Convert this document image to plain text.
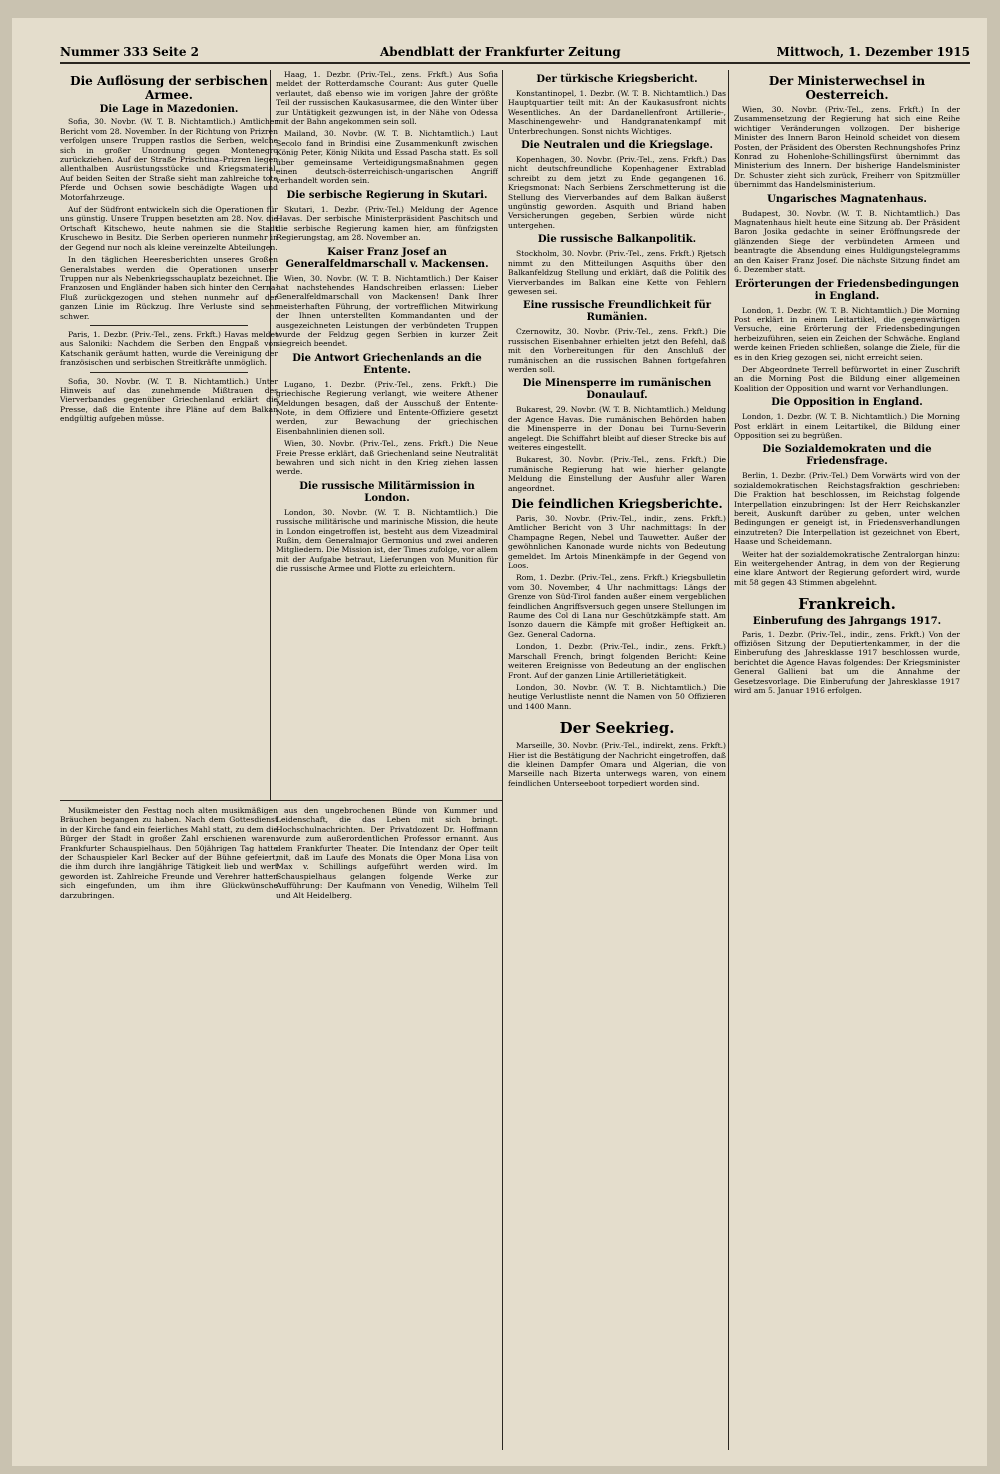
Nummer 333 Seite 2	Abendblatt der Frankfurter Zeitung	Mittwoch, 1. Dezember 1915
Die Auflösung der serbischen Armee.
Die Lage in Mazedonien.

Sofia, 30. Novbr. (W. T. B. Nichtamtlich.) Amtlicher Bericht vom 28. November. In der Richtung von Prizren verfolgen unsere Truppen rastlos die Serben, welche sich in großer Unordnung gegen Montenegro zurückziehen. Auf der Straße Prischtina–Prizren liegen allenthalben Ausrüstungsstücke und Kriegsmaterial. Auf beiden Seiten der Straße sieht man zahlreiche tote Pferde und Ochsen sowie beschädigte Wagen und Motorfahrzeuge.

Auf der Südfront entwickeln sich die Operationen für uns günstig. Unsere Truppen besetzten am 28. Nov. die Ortschaft Kitschewo, heute nahmen sie die Stadt Kruschewo in Besitz. Die Serben operieren nunmehr in der Gegend nur noch als kleine vereinzelte Abteilungen.

In den täglichen Heeresberichten unseres Großen Generalstabes werden die Operationen unserer Truppen nur als Nebenkriegsschauplatz bezeichnet. Die Franzosen und Engländer haben sich hinter den Cerna-Fluß zurückgezogen und stehen nunmehr auf der ganzen Linie im Rückzug. Ihre Verluste sind sehr schwer.

Paris, 1. Dezbr. (Priv.-Tel., zens. Frkft.) Havas meldet aus Saloniki: Nachdem die Serben den Engpaß von Katschanik geräumt hatten, wurde die Vereinigung der französischen und serbischen Streitkräfte unmöglich.

Sofia, 30. Novbr. (W. T. B. Nichtamtlich.) Unter Hinweis auf das zunehmende Mißtrauen des Vierverbandes gegenüber Griechenland erklärt die Presse, daß die Entente ihre Pläne auf dem Balkan endgültig aufgeben müsse.

Haag, 1. Dezbr. (Priv.-Tel., zens. Frkft.) Aus Sofia meldet der Rotterdamsche Courant: Aus guter Quelle verlautet, daß ebenso wie im vorigen Jahre der größte Teil der russischen Kaukasusarmee, die den Winter über zur Untätigkeit gezwungen ist, in der Nähe von Odessa mit der Bahn angekommen sein soll.

Mailand, 30. Novbr. (W. T. B. Nichtamtlich.) Laut Secolo fand in Brindisi eine Zusammenkunft zwischen König Peter, König Nikita und Essad Pascha statt. Es soll über gemeinsame Verteidigungsmaßnahmen gegen einen deutsch-österreichisch-ungarischen Angriff verhandelt worden sein.

Die serbische Regierung in Skutari.

Skutari, 1. Dezbr. (Priv.-Tel.) Meldung der Agence Havas. Der serbische Ministerpräsident Paschitsch und die serbische Regierung kamen hier, am fünfzigsten Regierungstag, am 28. November an.

Kaiser Franz Josef an Generalfeldmarschall v. Mackensen.

Wien, 30. Novbr. (W. T. B. Nichtamtlich.) Der Kaiser hat nachstehendes Handschreiben erlassen: Lieber Generalfeldmarschall von Mackensen! Dank Ihrer meisterhaften Führung, der vortrefflichen Mitwirkung der Ihnen unterstellten Kommandanten und der ausgezeichneten Leistungen der verbündeten Truppen wurde der Feldzug gegen Serbien in kurzer Zeit siegreich beendet.

Die Antwort Griechenlands an die Entente.

Lugano, 1. Dezbr. (Priv.-Tel., zens. Frkft.) Die griechische Regierung verlangt, wie weitere Athener Meldungen besagen, daß der Ausschuß der Entente-Note, in dem Offiziere und Entente-Offiziere gesetzt werden, zur Bewachung der griechischen Eisenbahnlinien dienen soll.

Wien, 30. Novbr. (Priv.-Tel., zens. Frkft.) Die Neue Freie Presse erklärt, daß Griechenland seine Neutralität bewahren und sich nicht in den Krieg ziehen lassen werde.

Die russische Militärmission in London.

London, 30. Novbr. (W. T. B. Nichtamtlich.) Die russische militärische und marinische Mission, die heute in London eingetroffen ist, besteht aus dem Vizeadmiral Rußin, dem Generalmajor Germonius und zwei anderen Mitgliedern. Die Mission ist, der Times zufolge, vor allem mit der Aufgabe betraut, Lieferungen von Munition für die russische Armee und Flotte zu erleichtern.

Der türkische Kriegsbericht.

Konstantinopel, 1. Dezbr. (W. T. B. Nichtamtlich.) Das Hauptquartier teilt mit: An der Kaukasusfront nichts Wesentliches. An der Dardanellenfront Artillerie-, Maschinengewehr- und Handgranatenkampf mit Unterbrechungen. Sonst nichts Wichtiges.

Die Neutralen und die Kriegslage.

Kopenhagen, 30. Novbr. (Priv.-Tel., zens. Frkft.) Das nicht deutschfreundliche Kopenhagener Extrablad schreibt zu dem jetzt zu Ende gegangenen 16. Kriegsmonat: Nach Serbiens Zerschmetterung ist die Stellung des Vierverbandes auf dem Balkan äußerst ungünstig geworden. Asquith und Briand haben Versicherungen gegeben, Serbien würde nicht untergehen.

Die russische Balkanpolitik.

Stockholm, 30. Novbr. (Priv.-Tel., zens. Frkft.) Rjetsch nimmt zu den Mitteilungen Asquiths über den Balkanfeldzug Stellung und erklärt, daß die Politik des Vierverbandes im Balkan eine Kette von Fehlern gewesen sei.

Eine russische Freundlichkeit für Rumänien.

Czernowitz, 30. Novbr. (Priv.-Tel., zens. Frkft.) Die russischen Eisenbahner erhielten jetzt den Befehl, daß mit den Vorbereitungen für den Anschluß der rumänischen an die russischen Bahnen fortgefahren werden soll.

Die Minensperre im rumänischen Donaulauf.

Bukarest, 29. Novbr. (W. T. B. Nichtamtlich.) Meldung der Agence Havas. Die rumänischen Behörden haben die Minensperre in der Donau bei Turnu-Severin angelegt. Die Schiffahrt bleibt auf dieser Strecke bis auf weiteres eingestellt.

Bukarest, 30. Novbr. (Priv.-Tel., zens. Frkft.) Die rumänische Regierung hat wie hierher gelangte Meldung die Einstellung der Ausfuhr aller Waren angeordnet.

Die feindlichen Kriegsberichte.

Paris, 30. Novbr. (Priv.-Tel., indir., zens. Frkft.) Amtlicher Bericht von 3 Uhr nachmittags: In der Champagne Regen, Nebel und Tauwetter. Außer der gewöhnlichen Kanonade wurde nichts von Bedeutung gemeldet. Im Artois Minenkämpfe in der Gegend von Loos.

Rom, 1. Dezbr. (Priv.-Tel., zens. Frkft.) Kriegsbulletin vom 30. November, 4 Uhr nachmittags: Längs der Grenze von Süd-Tirol fanden außer einem vergeblichen feindlichen Angriffsversuch gegen unsere Stellungen im Raume des Col di Lana nur Geschützkämpfe statt. Am Isonzo dauern die Kämpfe mit großer Heftigkeit an. Gez. General Cadorna.

London, 1. Dezbr. (Priv.-Tel., indir., zens. Frkft.) Marschall French, bringt folgenden Bericht: Keine weiteren Ereignisse von Bedeutung an der englischen Front. Auf der ganzen Linie Artillerietätigkeit.

London, 30. Novbr. (W. T. B. Nichtamtlich.) Die heutige Verlustliste nennt die Namen von 50 Offizieren und 1400 Mann.

Der Seekrieg.

Marseille, 30. Novbr. (Priv.-Tel., indirekt, zens. Frkft.) Hier ist die Bestätigung der Nachricht eingetroffen, daß die kleinen Dampfer Omara und Algerian, die von Marseille nach Bizerta unterwegs waren, von einem feindlichen Unterseeboot torpediert worden sind.

Der Ministerwechsel in Oesterreich.

Wien, 30. Novbr. (Priv.-Tel., zens. Frkft.) In der Zusammensetzung der Regierung hat sich eine Reihe wichtiger Veränderungen vollzogen. Der bisherige Minister des Innern Baron Heinold scheidet von diesem Posten, der Präsident des Obersten Rechnungshofes Prinz Konrad zu Hohenlohe-Schillingsfürst übernimmt das Ministerium des Innern. Der bisherige Handelsminister Dr. Schuster zieht sich zurück, Freiherr von Spitzmüller übernimmt das Handelsministerium.

Ungarisches Magnatenhaus.

Budapest, 30. Novbr. (W. T. B. Nichtamtlich.) Das Magnatenhaus hielt heute eine Sitzung ab. Der Präsident Baron Josika gedachte in seiner Eröffnungsrede der glänzenden Siege der verbündeten Armeen und beantragte die Absendung eines Huldigungstelegramms an den Kaiser Franz Josef. Die nächste Sitzung findet am 6. Dezember statt.

Erörterungen der Friedensbedingungen in England.

London, 1. Dezbr. (W. T. B. Nichtamtlich.) Die Morning Post erklärt in einem Leitartikel, die gegenwärtigen Versuche, eine Erörterung der Friedensbedingungen herbeizuführen, seien ein Zeichen der Schwäche. England werde keinen Frieden schließen, solange die Ziele, für die es in den Krieg gezogen sei, nicht erreicht seien.

Der Abgeordnete Terrell befürwortet in einer Zuschrift an die Morning Post die Bildung einer allgemeinen Koalition der Opposition und warnt vor Verhandlungen.

Die Opposition in England.

London, 1. Dezbr. (W. T. B. Nichtamtlich.) Die Morning Post erklärt in einem Leitartikel, die Bildung einer Opposition sei zu begrüßen.

Die Sozialdemokraten und die Friedensfrage.

Berlin, 1. Dezbr. (Priv.-Tel.) Dem Vorwärts wird von der sozialdemokratischen Reichstagsfraktion geschrieben: Die Fraktion hat beschlossen, im Reichstag folgende Interpellation einzubringen: Ist der Herr Reichskanzler bereit, Auskunft darüber zu geben, unter welchen Bedingungen er geneigt ist, in Friedensverhandlungen einzutreten? Die Interpellation ist gezeichnet von Ebert, Haase und Scheidemann.

Weiter hat der sozialdemokratische Zentralorgan hinzu: Ein weitergehender Antrag, in dem von der Regierung eine klare Antwort der Regierung gefordert wird, wurde mit 58 gegen 43 Stimmen abgelehnt.

Frankreich.
Einberufung des Jahrgangs 1917.

Paris, 1. Dezbr. (Priv.-Tel., indir., zens. Frkft.) Von der offiziösen Sitzung der Deputiertenkammer, in der die Einberufung des Jahresklasse 1917 beschlossen wurde, berichtet die Agence Havas folgendes: Der Kriegsminister General Gallieni bat um die Annahme der Gesetzesvorlage. Die Einberufung der Jahresklasse 1917 wird am 5. Januar 1916 erfolgen.

Musikmeister den Festtag noch alten musikmäßigen Bräuchen begangen zu haben. Nach dem Gottesdienst in der Kirche fand ein feierliches Mahl statt, zu dem die Bürger der Stadt in großer Zahl erschienen waren. Frankfurter Schauspielhaus. Den 50jährigen Tag hatte der Schauspieler Karl Becker auf der Bühne gefeiert, die ihm durch ihre langjährige Tätigkeit lieb und wert geworden ist. Zahlreiche Freunde und Verehrer hatten sich eingefunden, um ihm ihre Glückwünsche darzubringen.

aus den ungebrochenen Bünde von Kummer und Leidenschaft, die das Leben mit sich bringt. Hochschulnachrichten. Der Privatdozent Dr. Hoffmann wurde zum außerordentlichen Professor ernannt. Aus dem Frankfurter Theater. Die Intendanz der Oper teilt mit, daß im Laufe des Monats die Oper Mona Lisa von Max v. Schillings aufgeführt werden wird. Im Schauspielhaus gelangen folgende Werke zur Aufführung: Der Kaufmann von Venedig, Wilhelm Tell und Alt Heidelberg.
